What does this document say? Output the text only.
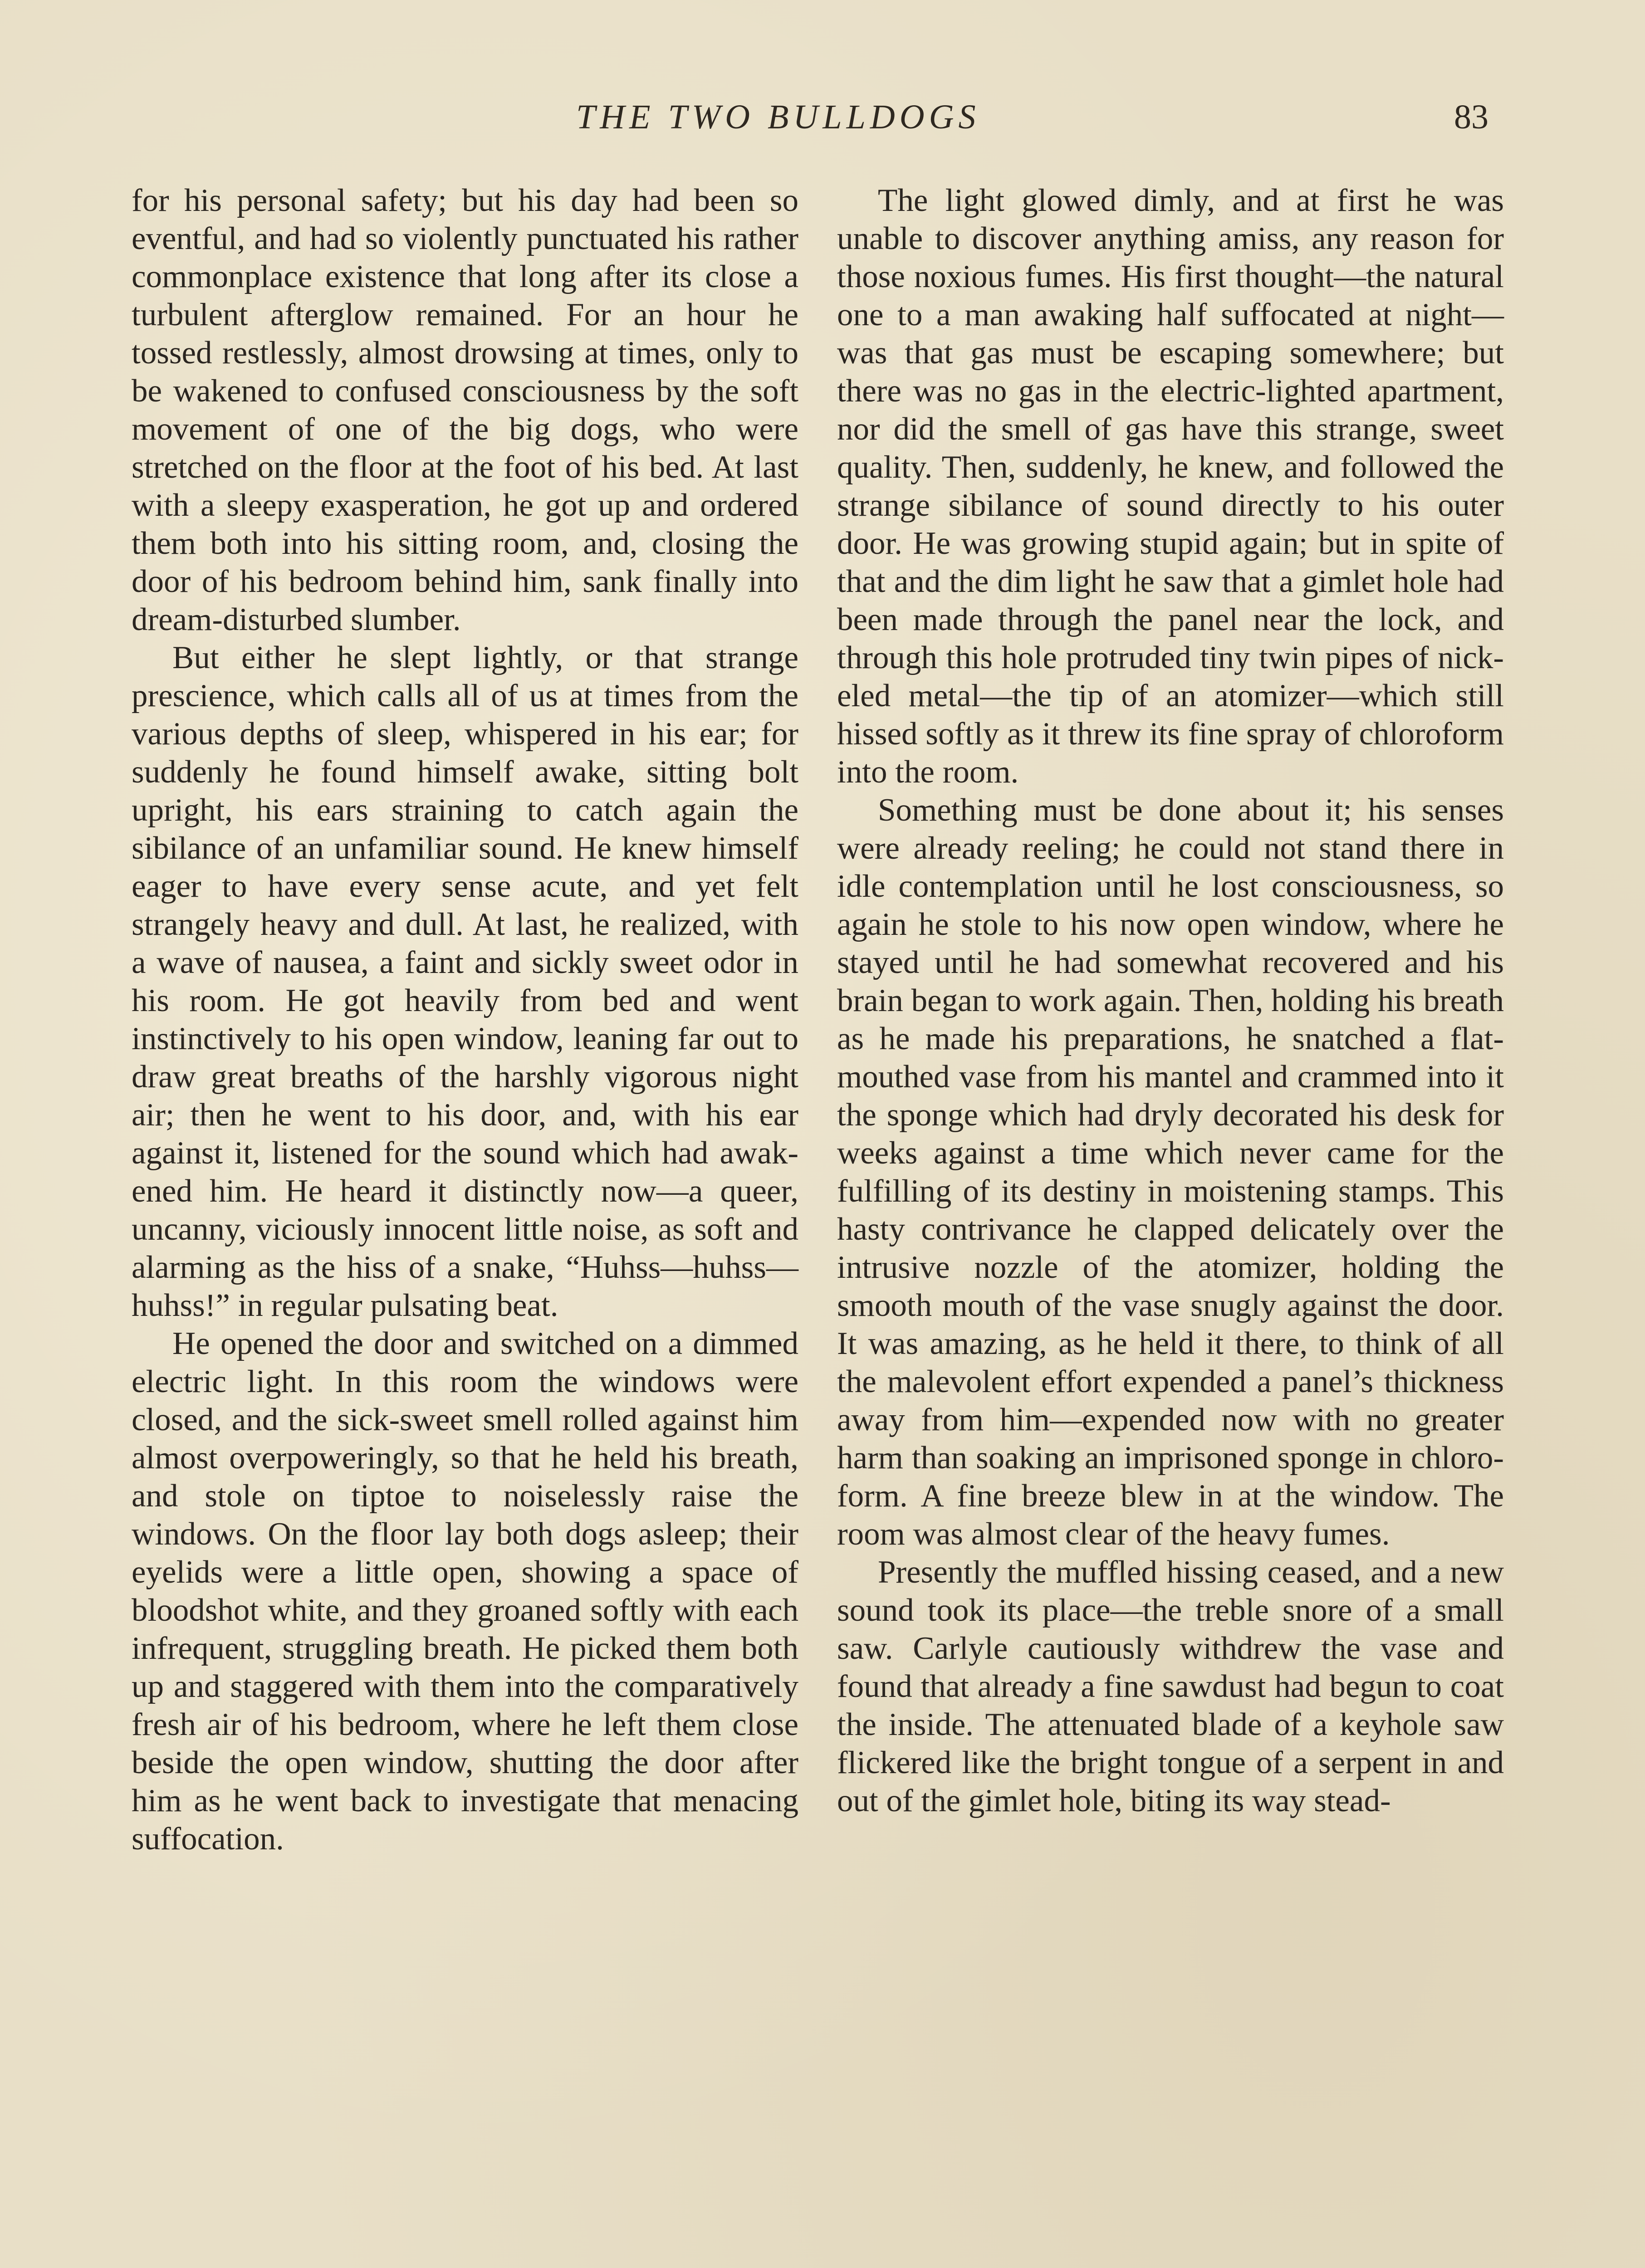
THE TWO BULLDOGS	83

for his personal safety; but his day had been so eventful, and had so violently punctuated his rather commonplace existence that long after its close a turbulent afterglow remained. For an hour he tossed restlessly, almost drowsing at times, only to be wakened to confused consciousness by the soft movement of one of the big dogs, who were stretched on the floor at the foot of his bed. At last with a sleepy exasperation, he got up and ordered them both into his sitting room, and, closing the door of his bedroom behind him, sank finally into dream-disturbed slumber.

But either he slept lightly, or that strange prescience, which calls all of us at times from the various depths of sleep, whispered in his ear; for suddenly he found himself awake, sitting bolt upright, his ears straining to catch again the sibilance of an unfamiliar sound. He knew himself eager to have every sense acute, and yet felt strangely heavy and dull. At last, he realized, with a wave of nausea, a faint and sickly sweet odor in his room. He got heavily from bed and went instinctively to his open window, leaning far out to draw great breaths of the harshly vigorous night air; then he went to his door, and, with his ear against it, listened for the sound which had awakened him. He heard it distinctly now—a queer, uncanny, viciously innocent little noise, as soft and alarming as the hiss of a snake, “Huhss—huhss—huhss!” in regular pulsating beat.

He opened the door and switched on a dimmed electric light. In this room the windows were closed, and the sick-sweet smell rolled against him almost overpoweringly, so that he held his breath, and stole on tiptoe to noiselessly raise the windows. On the floor lay both dogs asleep; their eyelids were a little open, showing a space of bloodshot white, and they groaned softly with each infrequent, struggling breath. He picked them both up and staggered with them into the comparatively fresh air of his bedroom, where he left them close beside the open window, shutting the door after him as he went back to investigate that menacing suffocation.

The light glowed dimly, and at first he was unable to discover anything amiss, any reason for those noxious fumes. His first thought—the natural one to a man awaking half suffocated at night—was that gas must be escaping somewhere; but there was no gas in the electric-lighted apartment, nor did the smell of gas have this strange, sweet quality. Then, suddenly, he knew, and followed the strange sibilance of sound directly to his outer door. He was growing stupid again; but in spite of that and the dim light he saw that a gimlet hole had been made through the panel near the lock, and through this hole protruded tiny twin pipes of nickeled metal—the tip of an atomizer—which still hissed softly as it threw its fine spray of chloroform into the room.

Something must be done about it; his senses were already reeling; he could not stand there in idle contemplation until he lost consciousness, so again he stole to his now open window, where he stayed until he had somewhat recovered and his brain began to work again. Then, holding his breath as he made his preparations, he snatched a flat-mouthed vase from his mantel and crammed into it the sponge which had dryly decorated his desk for weeks against a time which never came for the fulfilling of its destiny in moistening stamps. This hasty contrivance he clapped delicately over the intrusive nozzle of the atomizer, holding the smooth mouth of the vase snugly against the door. It was amazing, as he held it there, to think of all the malevolent effort expended a panel’s thickness away from him—expended now with no greater harm than soaking an imprisoned sponge in chloroform. A fine breeze blew in at the window. The room was almost clear of the heavy fumes.

Presently the muffled hissing ceased, and a new sound took its place—the treble snore of a small saw. Carlyle cautiously withdrew the vase and found that already a fine sawdust had begun to coat the inside. The attenuated blade of a keyhole saw flickered like the bright tongue of a serpent in and out of the gimlet hole, biting its way stead-
